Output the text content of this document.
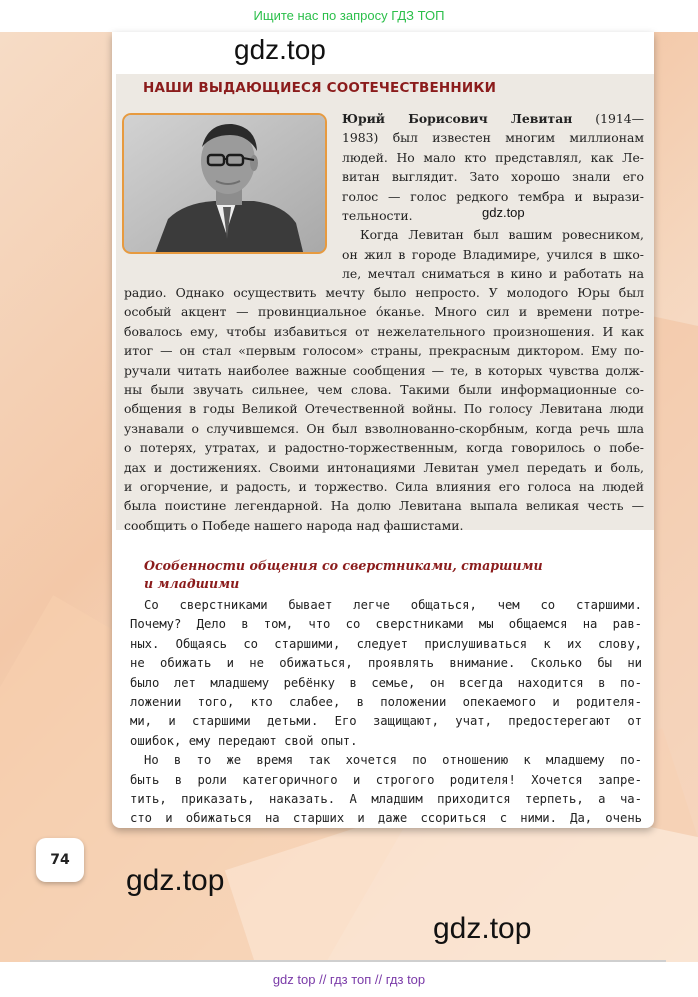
Ищите нас по запросу ГДЗ ТОП
НАШИ ВЫДАЮЩИЕСЯ СООТЕЧЕСТВЕННИКИ
Юрий Борисович Левитан (1914—
1983) был известен многим миллионам
людей. Но мало кто представлял, как Ле-
витан выглядит. Зато хорошо знали его
голос — голос редкого тембра и вырази-
тельности.
Когда Левитан был вашим ровесником,
он жил в городе Владимире, учился в шко-
ле, мечтал сниматься в кино и работать на
радио. Однако осуществить мечту было непросто. У молодого Юры был
особый акцент — провинциальное о́канье. Много сил и времени потре-
бовалось ему, чтобы избавиться от нежелательного произношения. И как
итог — он стал «первым голосом» страны, прекрасным диктором. Ему по-
ручали читать наиболее важные сообщения — те, в которых чувства долж-
ны были звучать сильнее, чем слова. Такими были информационные со-
общения в годы Великой Отечественной войны. По голосу Левитана люди
узнавали о случившемся. Он был взволнованно-скорбным, когда речь шла
о потерях, утратах, и радостно-торжественным, когда говорилось о побе-
дах и достижениях. Своими интонациями Левитан умел передать и боль,
и огорчение, и радость, и торжество. Сила влияния его голоса на людей
была поистине легендарной. На долю Левитана выпала великая честь —
сообщить о Победе нашего народа над фашистами.
Особенности общения со сверстниками, старшими
и младшими
Со сверстниками бывает легче общаться, чем со старшими.
Почему? Дело в том, что со сверстниками мы общаемся на рав-
ных. Общаясь со старшими, следует прислушиваться к их слову,
не обижать и не обижаться, проявлять внимание. Сколько бы ни
было лет младшему ребёнку в семье, он всегда находится в по-
ложении того, кто слабее, в положении опекаемого и родителя-
ми, и старшими детьми. Его защищают, учат, предостерегают от
ошибок, ему передают свой опыт.
Но в то же время так хочется по отношению к младшему по-
быть в роли категоричного и строгого родителя! Хочется запре-
тить, приказать, наказать. А младшим приходится терпеть, а ча-
сто и обижаться на старших и даже ссориться с ними. Да, очень
74
gdz.top
gdz.top
gdz.top
gdz.top
gdz top // гдз топ // гдз top
